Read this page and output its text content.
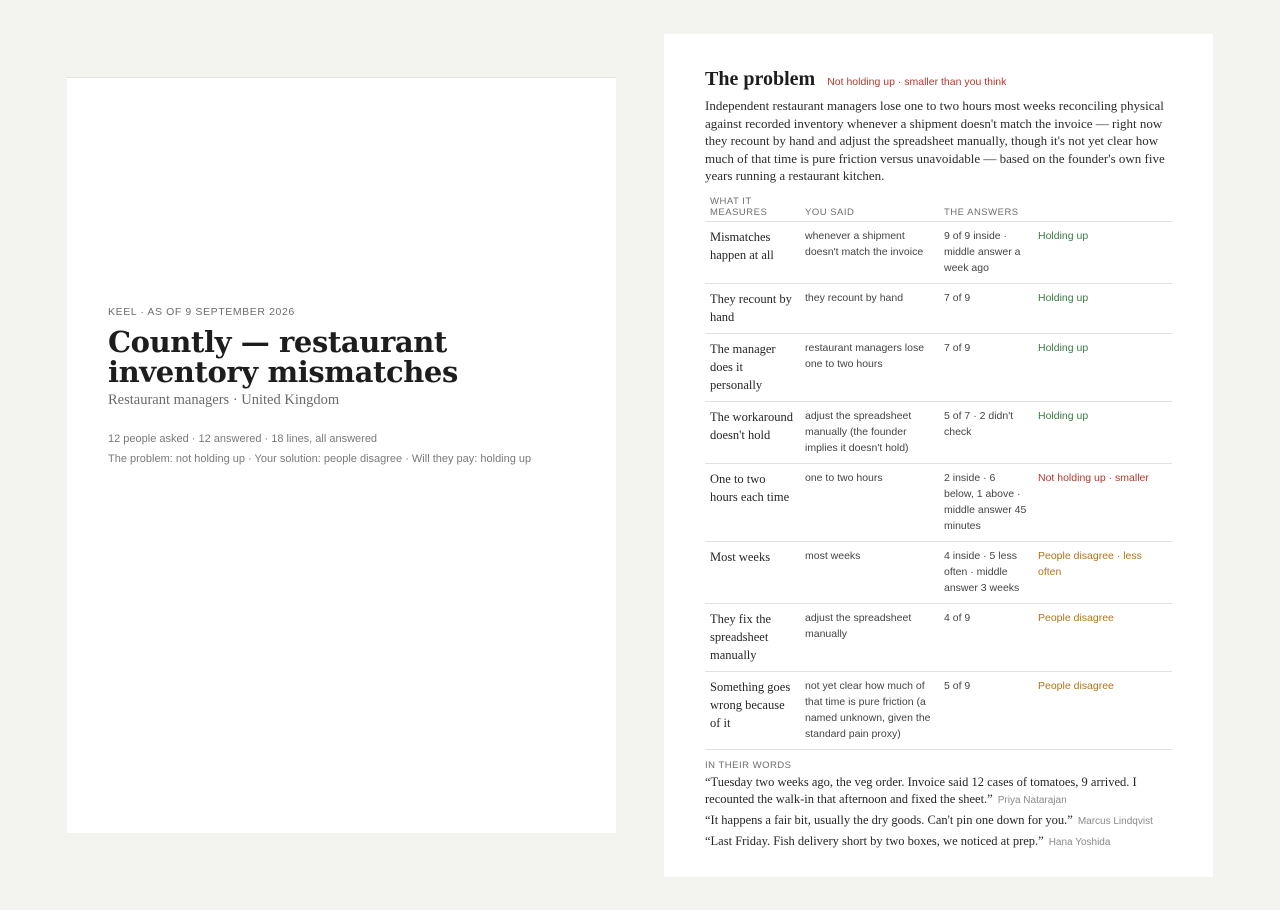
KEEL · AS OF 9 SEPTEMBER 2026
Countly — restaurant inventory mismatches
Restaurant managers · United Kingdom
12 people asked · 12 answered · 18 lines, all answered
The problem: not holding up · Your solution: people disagree · Will they pay: holding up
The problem Not holding up · smaller than you think

Independent restaurant managers lose one to two hours most weeks reconciling physical against recorded inventory whenever a shipment doesn't match the invoice — right now they recount by hand and adjust the spreadsheet manually, though it's not yet clear how much of that time is pure friction versus unavoidable — based on the founder's own five years running a restaurant kitchen.

WHAT IT MEASURES	YOU SAID	THE ANSWERS	
Mismatches happen at all	whenever a shipment doesn't match the invoice	9 of 9 inside · middle answer a week ago	Holding up
They recount by hand	they recount by hand	7 of 9	Holding up
The manager does it personally	restaurant managers lose one to two hours	7 of 9	Holding up
The workaround doesn't hold	adjust the spreadsheet manually (the founder implies it doesn't hold)	5 of 7 · 2 didn't check	Holding up
One to two hours each time	one to two hours	2 inside · 6 below, 1 above · middle answer 45 minutes	Not holding up · smaller
Most weeks	most weeks	4 inside · 5 less often · middle answer 3 weeks	People disagree · less often
They fix the spreadsheet manually	adjust the spreadsheet manually	4 of 9	People disagree
Something goes wrong because of it	not yet clear how much of that time is pure friction (a named unknown, given the standard pain proxy)	5 of 9	People disagree
IN THEIR WORDS
“Tuesday two weeks ago, the veg order. Invoice said 12 cases of tomatoes, 9 arrived. I recounted the walk-in that afternoon and fixed the sheet.” Priya Natarajan
“It happens a fair bit, usually the dry goods. Can't pin one down for you.” Marcus Lindqvist
“Last Friday. Fish delivery short by two boxes, we noticed at prep.” Hana Yoshida
